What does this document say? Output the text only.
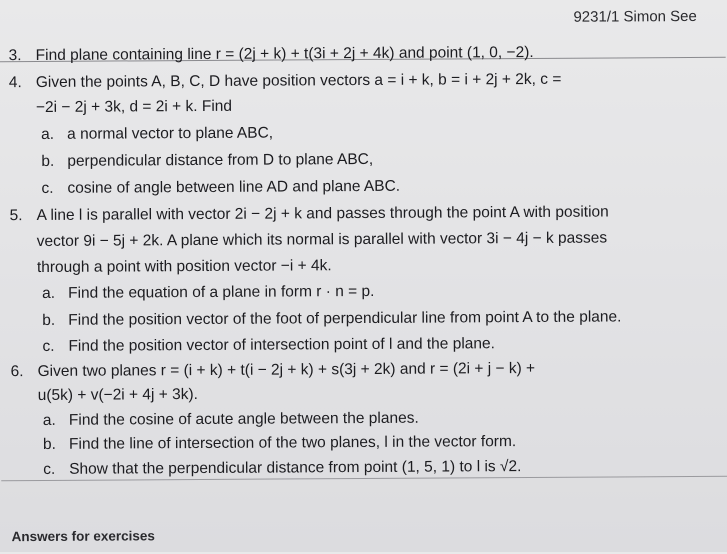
9231/1 Simon See
3. Find plane containing line r = (2j + k) + t(3i + 2j + 4k) and point (1, 0, −2).
4. Given the points A, B, C, D have position vectors a = i + k, b = i + 2j + 2k, c =
−2i − 2j + 3k, d = 2i + k. Find
a. a normal vector to plane ABC,
b. perpendicular distance from D to plane ABC,
c. cosine of angle between line AD and plane ABC.
5. A line l is parallel with vector 2i − 2j + k and passes through the point A with position
vector 9i − 5j + 2k. A plane which its normal is parallel with vector 3i − 4j − k passes
through a point with position vector −i + 4k.
a. Find the equation of a plane in form r · n = p.
b. Find the position vector of the foot of perpendicular line from point A to the plane.
c. Find the position vector of intersection point of l and the plane.
6. Given two planes r = (i + k) + t(i − 2j + k) + s(3j + 2k) and r = (2i + j − k) +
u(5k) + v(−2i + 4j + 3k).
a. Find the cosine of acute angle between the planes.
b. Find the line of intersection of the two planes, l in the vector form.
c. Show that the perpendicular distance from point (1, 5, 1) to l is √2.
Answers for exercises
